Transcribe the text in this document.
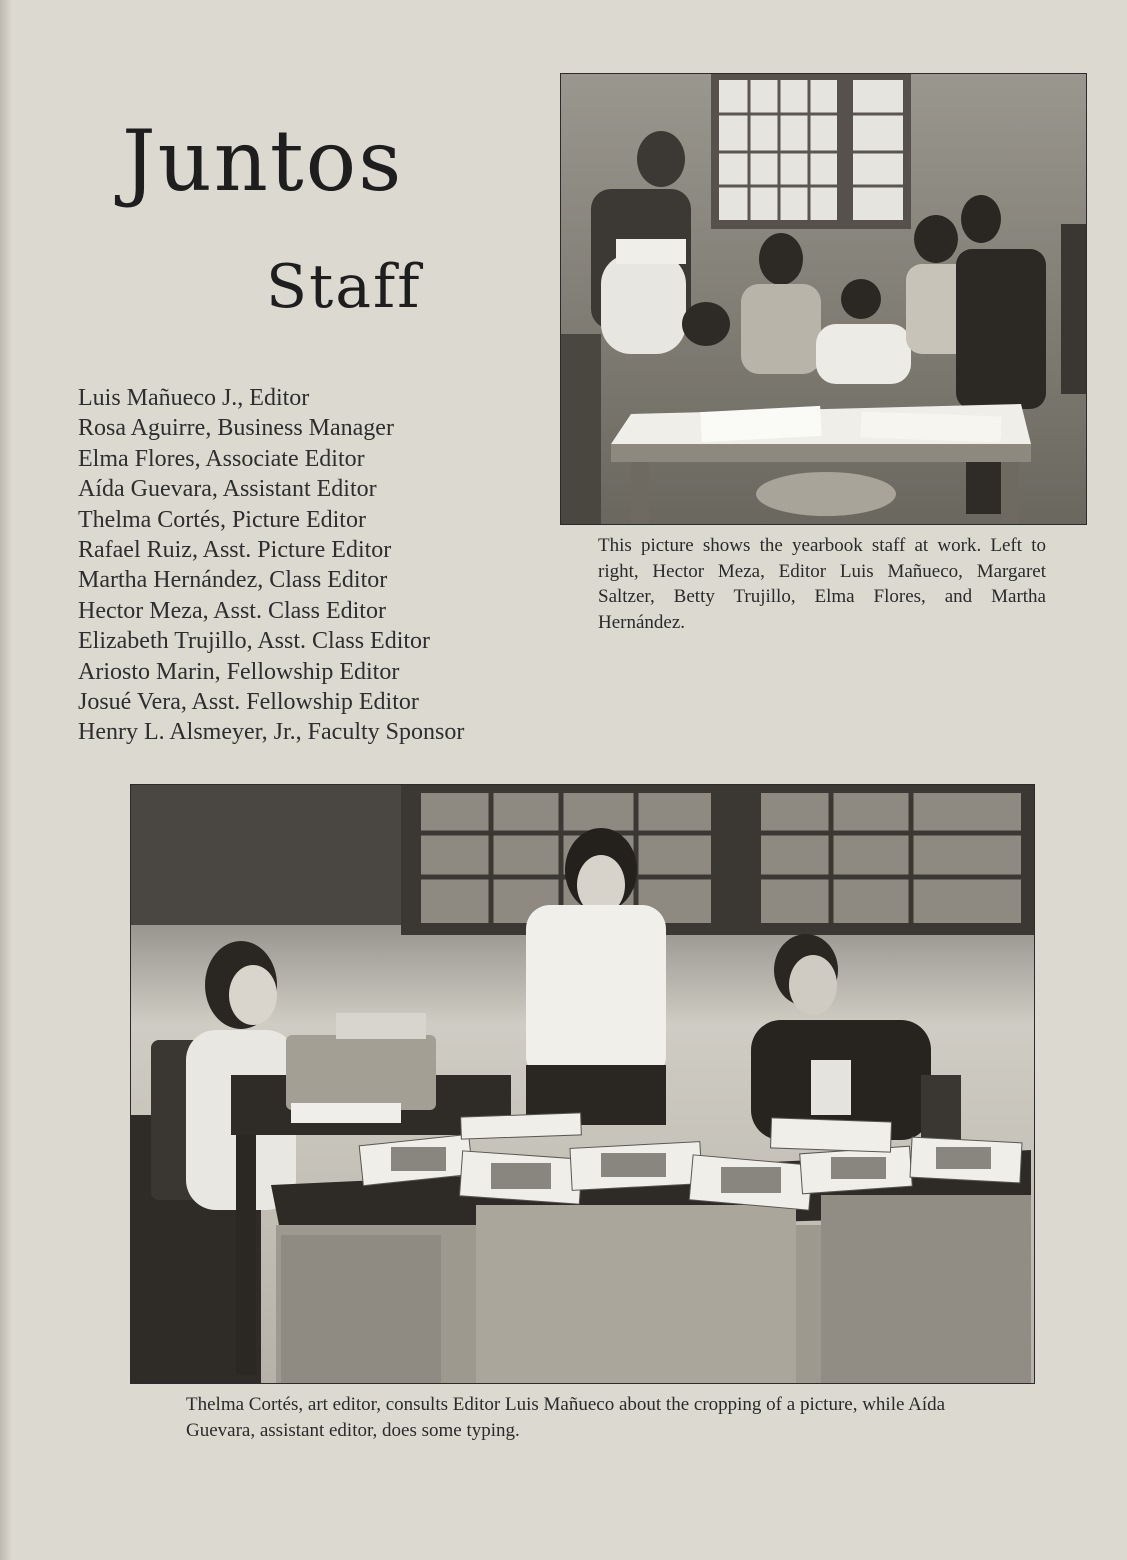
Juntos
Staff
Luis Mañueco J., Editor
Rosa Aguirre, Business Manager
Elma Flores, Associate Editor
Aída Guevara, Assistant Editor
Thelma Cortés, Picture Editor
Rafael Ruiz, Asst. Picture Editor
Martha Hernández, Class Editor
Hector Meza, Asst. Class Editor
Elizabeth Trujillo, Asst. Class Editor
Ariosto Marin, Fellowship Editor
Josué Vera, Asst. Fellowship Editor
Henry L. Alsmeyer, Jr., Faculty Sponsor

This picture shows the yearbook staff at work. Left to right, Hector Meza, Editor Luis Mañueco, Margaret Saltzer, Betty Trujillo, Elma Flores, and Martha Hernández.

Thelma Cortés, art editor, consults Editor Luis Mañueco about the cropping of a picture, while Aída Guevara, assistant editor, does some typing.
